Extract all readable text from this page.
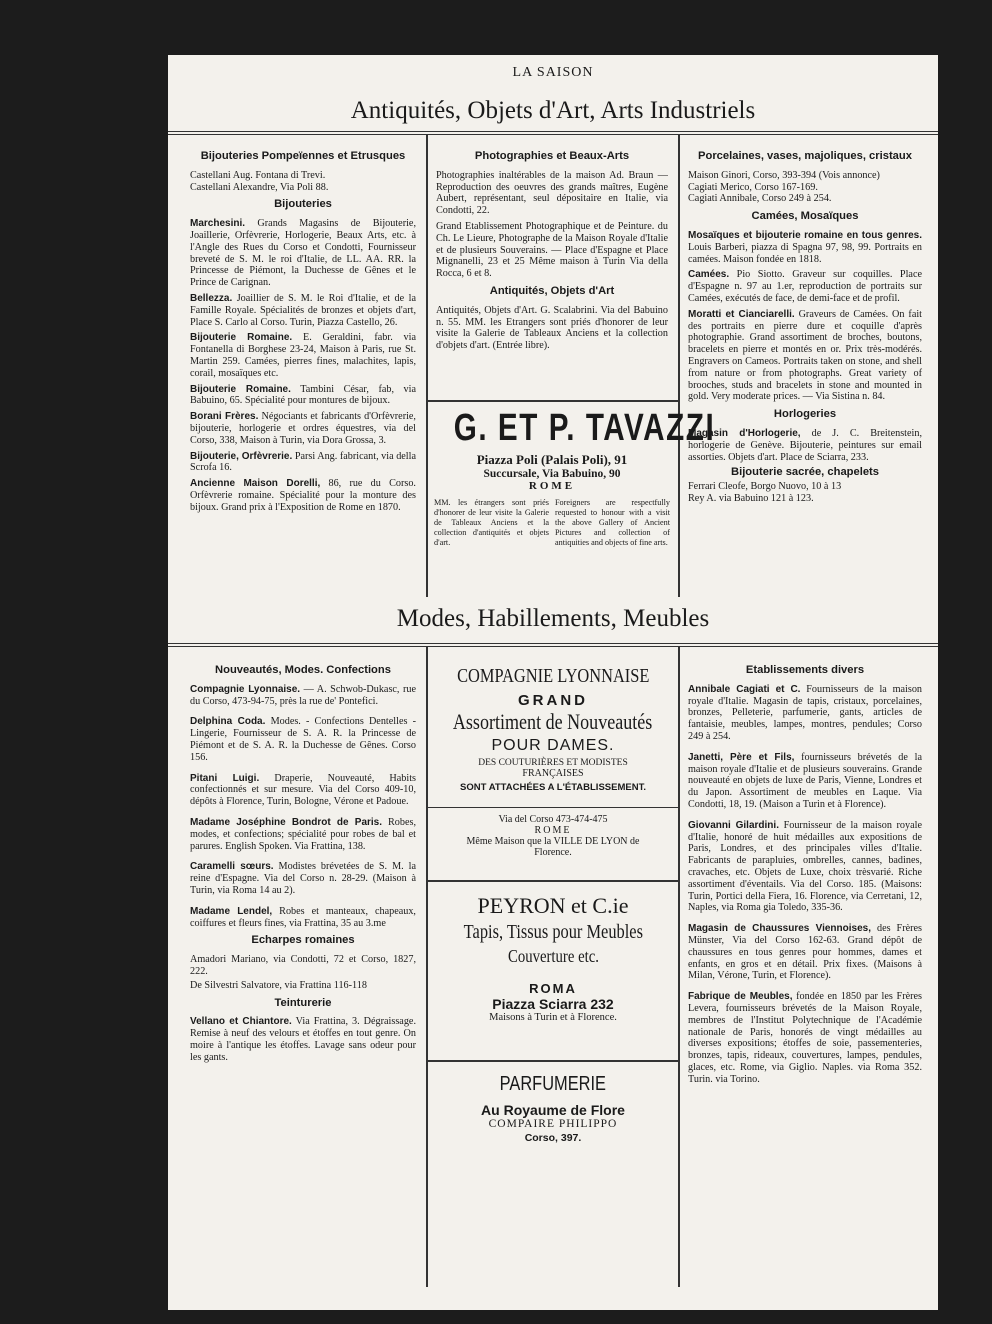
LA SAISON
Antiquités, Objets d'Art, Arts Industriels
Bijouteries Pompeïennes et Etrusques

Castellani Aug. Fontana di Trevi.

Castellani Alexandre, Via Poli 88.

Bijouteries

Marchesini. Grands Magasins de Bijouterie, Joaillerie, Orfèvrerie, Horlogerie, Beaux Arts, etc. à l'Angle des Rues du Corso et Condotti, Fournisseur breveté de S. M. le roi d'Italie, de LL. AA. RR. la Princesse de Piémont, la Duchesse de Gênes et le Prince de Carignan.

Bellezza. Joaillier de S. M. le Roi d'Italie, et de la Famille Royale. Spécialités de bronzes et objets d'art, Place S. Carlo al Corso. Turin, Piazza Castello, 26.

Bijouterie Romaine. E. Geraldini, fabr. via Fontanella di Borghese 23-24, Maison à Paris, rue St. Martin 259. Camées, pierres fines, malachites, lapis, corail, mosaïques etc.

Bijouterie Romaine. Tambini César, fab, via Babuino, 65. Spécialité pour montures de bijoux.

Borani Frères. Négociants et fabricants d'Orfèvrerie, bijouterie, horlogerie et ordres équestres, via del Corso, 338, Maison à Turin, via Dora Grossa, 3.

Bijouterie, Orfèvrerie. Parsi Ang. fabricant, via della Scrofa 16.

Ancienne Maison Dorelli, 86, rue du Corso. Orfèvrerie romaine. Spécialité pour la monture des bijoux. Grand prix à l'Exposition de Rome en 1870.

Photographies et Beaux-Arts

Photographies inaltérables de la maison Ad. Braun — Reproduction des oeuvres des grands maîtres, Eugène Aubert, représentant, seul dépositaire en Italie, via Condotti, 22.

Grand Etablissement Photographique et de Peinture. du Ch. Le Lieure, Photographe de la Maison Royale d'Italie et de plusieurs Souverains. — Place d'Espagne et Place Mignanelli, 23 et 25 Même maison à Turin Via della Rocca, 6 et 8.

Antiquités, Objets d'Art

Antiquités, Objets d'Art. G. Scalabrini. Via del Babuino n. 55. MM. les Etrangers sont priés d'honorer de leur visite la Galerie de Tableaux Anciens et la collection d'objets d'art. (Entrée libre).

G. ET P. TAVAZZI
Piazza Poli (Palais Poli), 91
Succursale, Via Babuino, 90
ROME
MM. les étrangers sont priés d'honorer de leur visite la Galerie de Tableaux Anciens et la collection d'antiquités et objets d'art.
Foreigners are respectfully requested to honour with a visit the above Gallery of Ancient Pictures and collection of antiquities and objects of fine arts.
Porcelaines, vases, majoliques, cristaux

Maison Ginori, Corso, 393-394 (Vois annonce)

Cagiati Merico, Corso 167-169.

Cagiati Annibale, Corso 249 à 254.

Camées, Mosaïques

Mosaïques et bijouterie romaine en tous genres. Louis Barberi, piazza di Spagna 97, 98, 99. Portraits en camées. Maison fondée en 1818.

Camées. Pio Siotto. Graveur sur coquilles. Place d'Espagne n. 97 au 1.er, reproduction de portraits sur Camées, exécutés de face, de demi-face et de profil.

Moratti et Cianciarelli. Graveurs de Camées. On fait des portraits en pierre dure et coquille d'après photographie. Grand assortiment de broches, boutons, bracelets en pierre et montés en or. Prix très-modérés. Engravers on Cameos. Portraits taken on stone, and shell from nature or from photographs. Great variety of brooches, studs and bracelets in stone and mounted in gold. Very moderate prices. — Via Sistina n. 84.

Horlogeries

Magasin d'Horlogerie, de J. C. Breitenstein, horlogerie de Genève. Bijouterie, peintures sur email assorties. Objets d'art. Place de Sciarra, 233.

Bijouterie sacrée, chapelets

Ferrari Cleofe, Borgo Nuovo, 10 à 13

Rey A. via Babuino 121 à 123.

Modes, Habillements, Meubles
Nouveautés, Modes. Confections

Compagnie Lyonnaise. — A. Schwob-Dukasc, rue du Corso, 473-94-75, près la rue de' Pontefici.

Delphina Coda. Modes. - Confections Dentelles - Lingerie, Fournisseur de S. A. R. la Princesse de Piémont et de S. A. R. la Duchesse de Gênes. Corso 156.

Pitani Luigi. Draperie, Nouveauté, Habits confectionnés et sur mesure. Via del Corso 409-10, dépôts à Florence, Turin, Bologne, Vérone et Padoue.

Madame Joséphine Bondrot de Paris. Robes, modes, et confections; spécialité pour robes de bal et parures. English Spoken. Via Frattina, 138.

Caramelli sœurs. Modistes brévetées de S. M. la reine d'Espagne. Via del Corso n. 28-29. (Maison à Turin, via Roma 14 au 2).

Madame Lendel, Robes et manteaux, chapeaux, coiffures et fleurs fines, via Frattina, 35 au 3.me

Echarpes romaines

Amadori Mariano, via Condotti, 72 et Corso, 1827, 222.

De Silvestri Salvatore, via Frattina 116-118

Teinturerie

Vellano et Chiantore. Via Frattina, 3. Dégraissage. Remise à neuf des velours et étoffes en tout genre. On moire à l'antique les étoffes. Lavage sans odeur pour les gants.

COMPAGNIE LYONNAISE
GRAND
Assortiment de Nouveautés
POUR DAMES.
DES COUTURIÈRES ET MODISTES
FRANÇAISES
SONT ATTACHÉES A L'ÉTABLISSEMENT.
Via del Corso 473-474-475
ROME
Même Maison que la VILLE DE LYON de Florence.
PEYRON et C.ie
Tapis, Tissus pour Meubles
Couverture etc.
ROMA
Piazza Sciarra 232
Maisons à Turin et à Florence.
PARFUMERIE
Au Royaume de Flore
COMPAIRE PHILIPPO
Corso, 397.
Etablissements divers

Annibale Cagiati et C. Fournisseurs de la maison royale d'Italie. Magasin de tapis, cristaux, porcelaines, bronzes, Pelleterie, parfumerie, gants, articles de fantaisie, meubles, lampes, montres, pendules; Corso 249 à 254.

Janetti, Père et Fils, fournisseurs brévetés de la maison royale d'Italie et de plusieurs souverains. Grande nouveauté en objets de luxe de Paris, Vienne, Londres et du Japon. Assortiment de meubles en Laque. Via Condotti, 18, 19. (Maison a Turin et à Florence).

Giovanni Gilardini. Fournisseur de la maison royale d'Italie, honoré de huit médailles aux expositions de Paris, Londres, et des principales villes d'Italie. Fabricants de parapluies, ombrelles, cannes, badines, cravaches, etc. Objets de Luxe, choix trèsvarié. Riche assortiment d'éventails. Via del Corso. 185. (Maisons: Turin, Portici della Fiera, 16. Florence, via Cerretani, 12, Naples, via Roma gia Toledo, 335-36.

Magasin de Chaussures Viennoises, des Frères Münster, Via del Corso 162-63. Grand dépôt de chaussures en tous genres pour hommes, dames et enfants, en gros et en détail. Prix fixes. (Maisons à Milan, Vérone, Turin, et Florence).

Fabrique de Meubles, fondée en 1850 par les Frères Levera, fournisseurs brévetés de la Maison Royale, membres de l'Institut Polytechnique de l'Académie nationale de Paris, honorés de vingt médailles au diverses expositions; étoffes de soie, passementeries, bronzes, tapis, rideaux, couvertures, lampes, pendules, glaces, etc. Rome, via Giglio. Naples. via Roma 352. Turin. via Torino.
